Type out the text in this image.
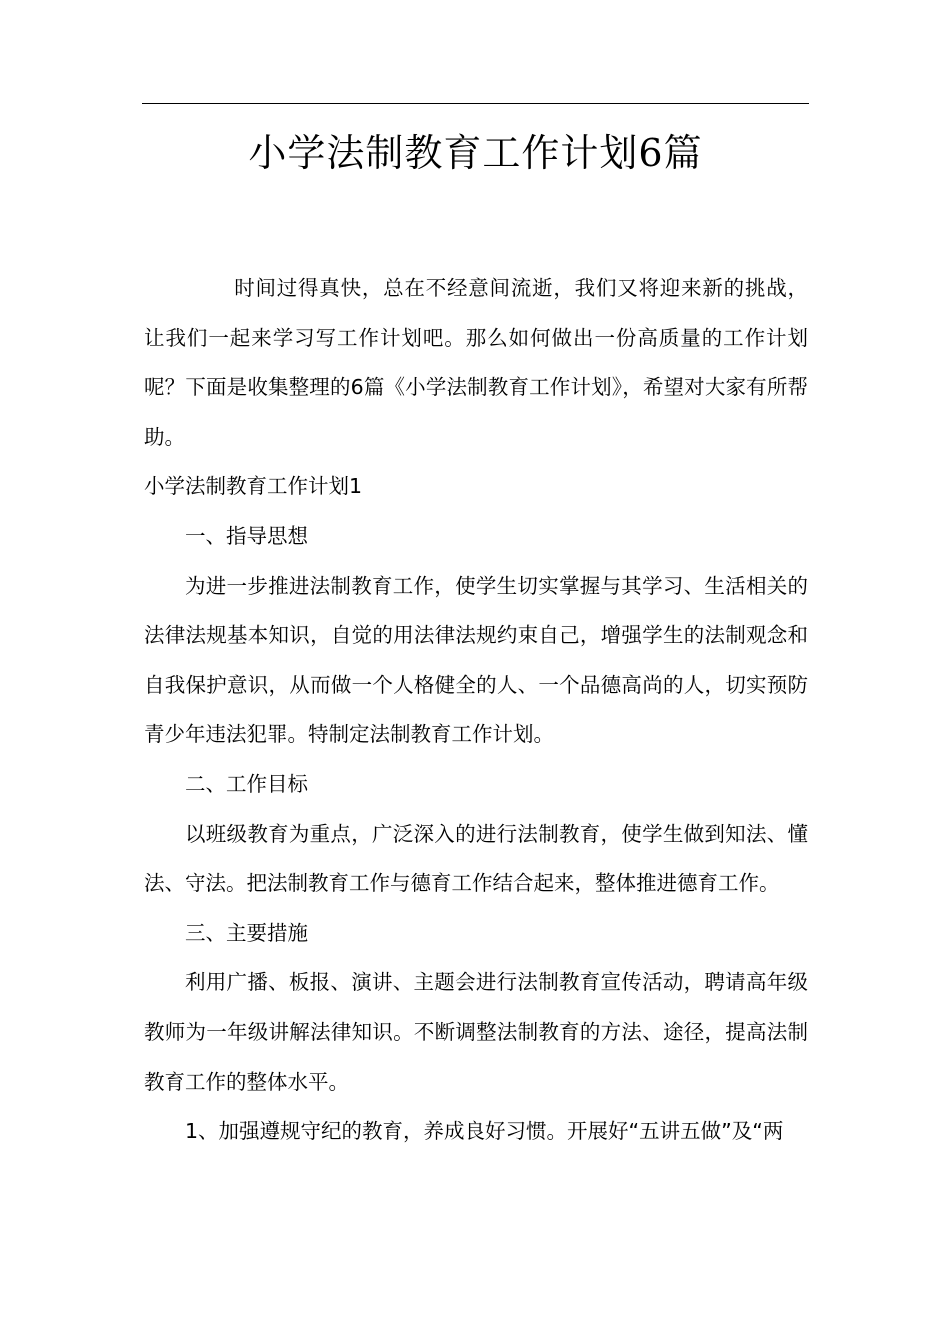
小学法制教育工作计划6篇

时间过得真快，总在不经意间流逝，我们又将迎来新的挑战，让我们一起来学习写工作计划吧。那么如何做出一份高质量的工作计划呢？下面是收集整理的6篇《小学法制教育工作计划》，希望对大家有所帮助。

小学法制教育工作计划1

一、指导思想

为进一步推进法制教育工作，使学生切实掌握与其学习、生活相关的法律法规基本知识，自觉的用法律法规约束自己，增强学生的法制观念和自我保护意识，从而做一个人格健全的人、一个品德高尚的人，切实预防青少年违法犯罪。特制定法制教育工作计划。

二、工作目标

以班级教育为重点，广泛深入的进行法制教育，使学生做到知法、懂法、守法。把法制教育工作与德育工作结合起来，整体推进德育工作。

三、主要措施

利用广播、板报、演讲、主题会进行法制教育宣传活动，聘请高年级教师为一年级讲解法律知识。不断调整法制教育的方法、途径，提高法制教育工作的整体水平。

1、加强遵规守纪的教育，养成良好习惯。开展好“五讲五做”及“两
